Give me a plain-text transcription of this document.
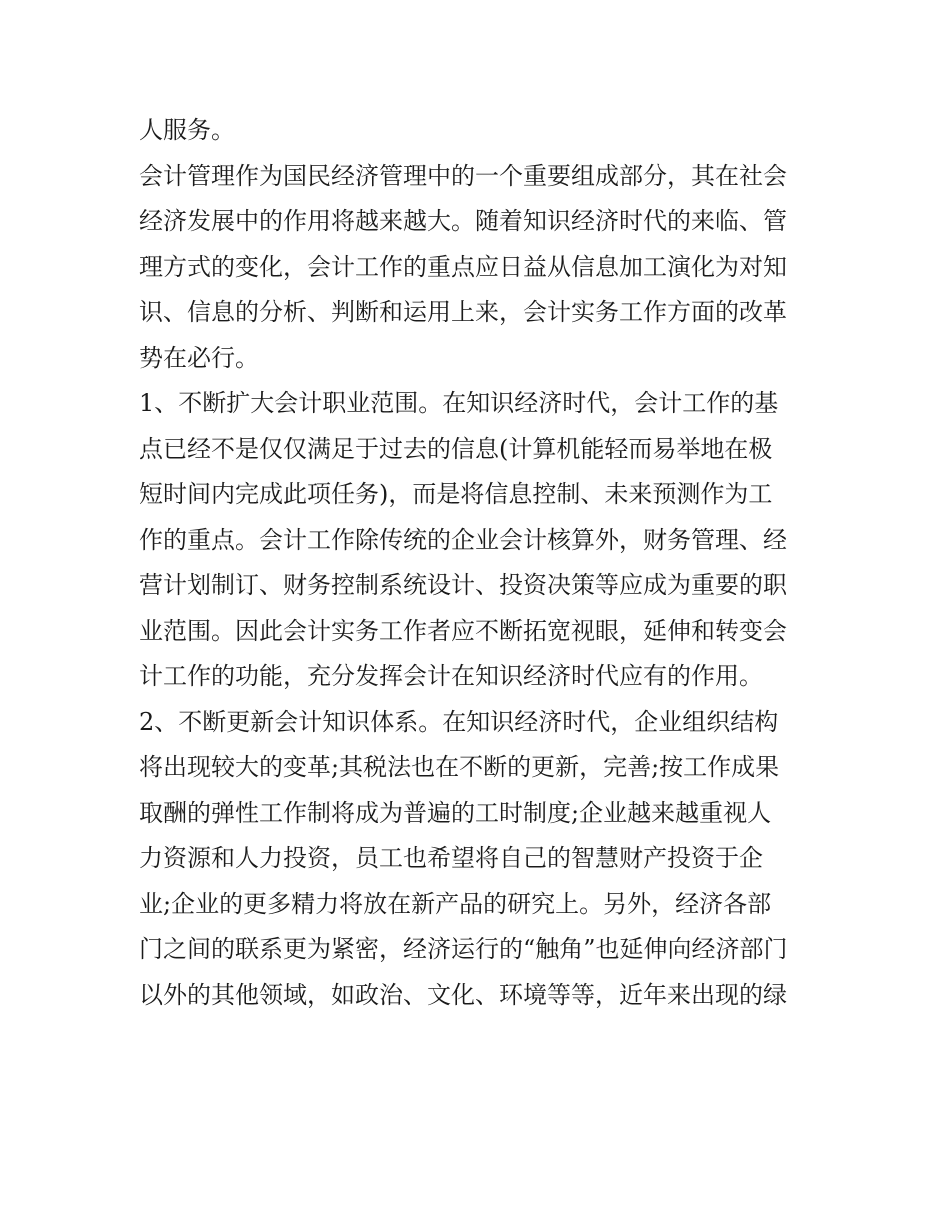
人服务。
会计管理作为国民经济管理中的一个重要组成部分，其在社会
经济发展中的作用将越来越大。随着知识经济时代的来临、管
理方式的变化，会计工作的重点应日益从信息加工演化为对知
识、信息的分析、判断和运用上来，会计实务工作方面的改革
势在必行。
1、不断扩大会计职业范围。在知识经济时代，会计工作的基
点已经不是仅仅满足于过去的信息(计算机能轻而易举地在极
短时间内完成此项任务)，而是将信息控制、未来预测作为工
作的重点。会计工作除传统的企业会计核算外，财务管理、经
营计划制订、财务控制系统设计、投资决策等应成为重要的职
业范围。因此会计实务工作者应不断拓宽视眼，延伸和转变会
计工作的功能，充分发挥会计在知识经济时代应有的作用。
2、不断更新会计知识体系。在知识经济时代，企业组织结构
将出现较大的变革;其税法也在不断的更新，完善;按工作成果
取酬的弹性工作制将成为普遍的工时制度;企业越来越重视人
力资源和人力投资，员工也希望将自己的智慧财产投资于企
业;企业的更多精力将放在新产品的研究上。另外，经济各部
门之间的联系更为紧密，经济运行的“触角”也延伸向经济部门
以外的其他领域，如政治、文化、环境等等，近年来出现的绿
